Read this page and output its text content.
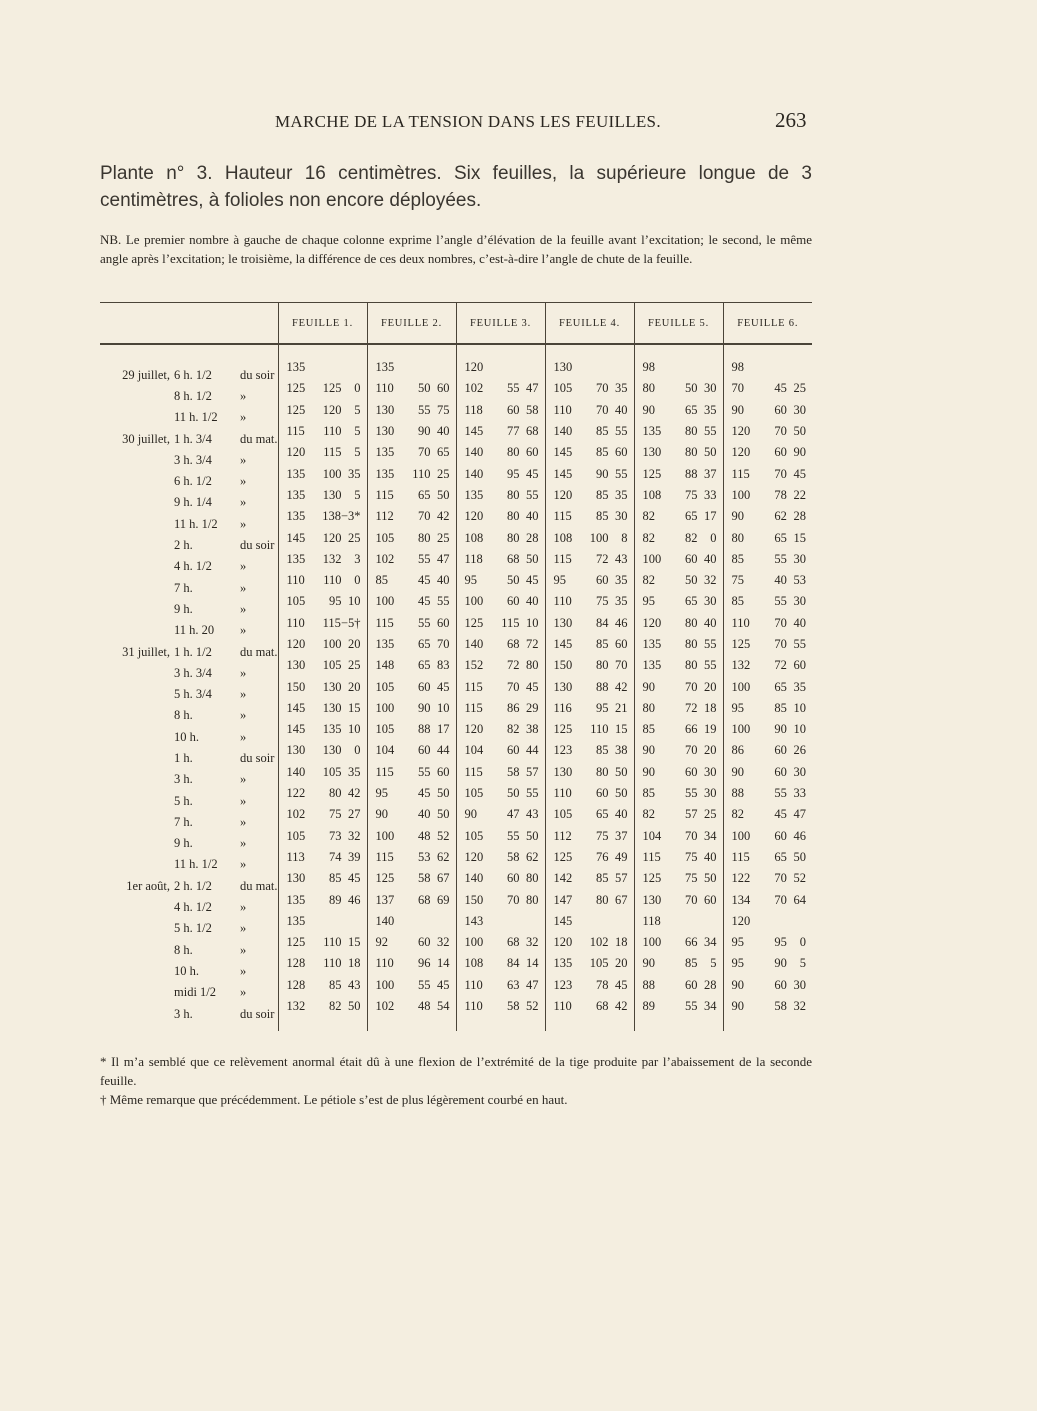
MARCHE DE LA TENSION DANS LES FEUILLES.	263

Plante n° 3. Hauteur 16 centimètres. Six feuilles, la supérieure longue de 3 centimètres, à folioles non encore déployées.

NB. Le premier nombre à gauche de chaque colonne exprime l’angle d’élévation de la feuille avant l’excitation; le second, le même angle après l’excitation; le troisième, la différence de ces deux nombres, c’est-à-dire l’angle de chute de la feuille.

	FEUILLE 1.	FEUILLE 2.	FEUILLE 3.	FEUILLE 4.	FEUILLE 5.	FEUILLE 6.

29 juillet, 6 h. 1/2 du soir	135	135	120	130	98	98

8 h. 1/2 »	125 125 0	110 50 60	102 55 47	105 70 35	80 50 30	70 45 25

11 h. 1/2 »	125 120 5	130 55 75	118 60 58	110 70 40	90 65 35	90 60 30

30 juillet, 1 h. 3/4 du mat.	115 110 5	130 90 40	145 77 68	140 85 55	135 80 55	120 70 50

3 h. 3/4 »	120 115 5	135 70 65	140 80 60	145 85 60	130 80 50	120 60 90

6 h. 1/2 »	135 100 35	135 110 25	140 95 45	145 90 55	125 88 37	115 70 45

9 h. 1/4 »	135 130 5	115 65 50	135 80 55	120 85 35	108 75 33	100 78 22

11 h. 1/2 »	135 138 −3*	112 70 42	120 80 40	115 85 30	82 65 17	90 62 28

2 h. du soir	145 120 25	105 80 25	108 80 28	108 100 8	82 82 0	80 65 15

4 h. 1/2 »	135 132 3	102 55 47	118 68 50	115 72 43	100 60 40	85 55 30

7 h. »	110 110 0	85 45 40	95 50 45	95 60 35	82 50 32	75 40 53

9 h. »	105 95 10	100 45 55	100 60 40	110 75 35	95 65 30	85 55 30

11 h. 20 »	110 115 −5†	115 55 60	125 115 10	130 84 46	120 80 40	110 70 40

31 juillet, 1 h. 1/2 du mat.	120 100 20	135 65 70	140 68 72	145 85 60	135 80 55	125 70 55

3 h. 3/4 »	130 105 25	148 65 83	152 72 80	150 80 70	135 80 55	132 72 60

5 h. 3/4 »	150 130 20	105 60 45	115 70 45	130 88 42	90 70 20	100 65 35

8 h. »	145 130 15	100 90 10	115 86 29	116 95 21	80 72 18	95 85 10

10 h. »	145 135 10	105 88 17	120 82 38	125 110 15	85 66 19	100 90 10

1 h. du soir	130 130 0	104 60 44	104 60 44	123 85 38	90 70 20	86 60 26

3 h. »	140 105 35	115 55 60	115 58 57	130 80 50	90 60 30	90 60 30

5 h. »	122 80 42	95 45 50	105 50 55	110 60 50	85 55 30	88 55 33

7 h. »	102 75 27	90 40 50	90 47 43	105 65 40	82 57 25	82 45 47

9 h. »	105 73 32	100 48 52	105 55 50	112 75 37	104 70 34	100 60 46

11 h. 1/2 »	113 74 39	115 53 62	120 58 62	125 76 49	115 75 40	115 65 50

1er août, 2 h. 1/2 du mat.	130 85 45	125 58 67	140 60 80	142 85 57	125 75 50	122 70 52

4 h. 1/2 »	135 89 46	137 68 69	150 70 80	147 80 67	130 70 60	134 70 64

5 h. 1/2 »	135	140	143	145	118	120

8 h. »	125 110 15	92 60 32	100 68 32	120 102 18	100 66 34	95 95 0

10 h. »	128 110 18	110 96 14	108 84 14	135 105 20	90 85 5	95 90 5

midi 1/2 »	128 85 43	100 55 45	110 63 47	123 78 45	88 60 28	90 60 30

3 h. du soir	132 82 50	102 48 54	110 58 52	110 68 42	89 55 34	90 58 32

* Il m’a semblé que ce relèvement anormal était dû à une flexion de l’extrémité de la tige produite par l’abaissement de la seconde feuille.

† Même remarque que précédemment. Le pétiole s’est de plus légèrement courbé en haut.
